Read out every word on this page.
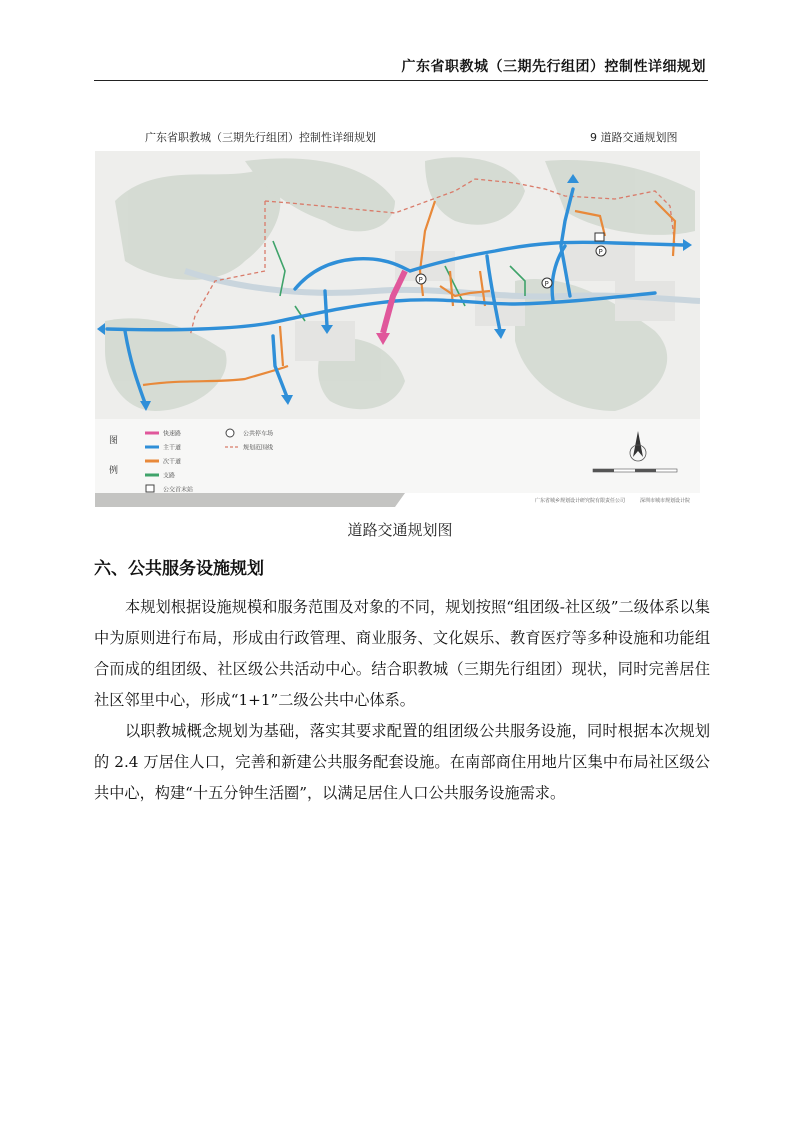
广东省职教城（三期先行组团）控制性详细规划
广东省职教城（三期先行组团）控制性详细规划	9 道路交通规划图
P	P
P
图
例
快速路
主干道
次干道
支路
公交首末站
公共停车场
规划范围线
广东省城乡规划设计研究院有限责任公司	深圳市城市规划设计院
道路交通规划图
六、公共服务设施规划
本规划根据设施规模和服务范围及对象的不同，规划按照“组团级-社区级”二级体系以集中为原则进行布局，形成由行政管理、商业服务、文化娱乐、教育医疗等多种设施和功能组合而成的组团级、社区级公共活动中心。结合职教城（三期先行组团）现状，同时完善居住社区邻里中心，形成“1+1”二级公共中心体系。
以职教城概念规划为基础，落实其要求配置的组团级公共服务设施，同时根据本次规划的 2.4 万居住人口，完善和新建公共服务配套设施。在南部商住用地片区集中布局社区级公共中心，构建“十五分钟生活圈”，以满足居住人口公共服务设施需求。
